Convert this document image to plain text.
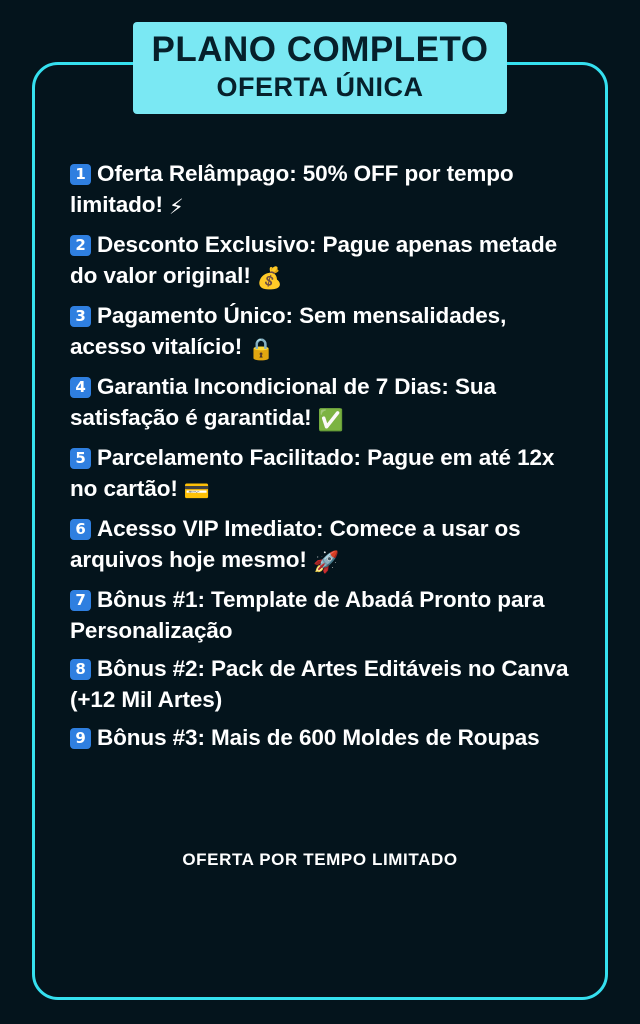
PLANO COMPLETO
OFERTA ÚNICA
1 Oferta Relâmpago: 50% OFF por tempo limitado! ⚡
2 Desconto Exclusivo: Pague apenas metade do valor original! 💰
3 Pagamento Único: Sem mensalidades, acesso vitalício! 🔒
4 Garantia Incondicional de 7 Dias: Sua satisfação é garantida! ✅
5 Parcelamento Facilitado: Pague em até 12x no cartão! 💳
6 Acesso VIP Imediato: Comece a usar os arquivos hoje mesmo! 🚀
7 Bônus #1: Template de Abadá Pronto para Personalização
8 Bônus #2: Pack de Artes Editáveis no Canva (+12 Mil Artes)
9 Bônus #3: Mais de 600 Moldes de Roupas
OFERTA POR TEMPO LIMITADO
